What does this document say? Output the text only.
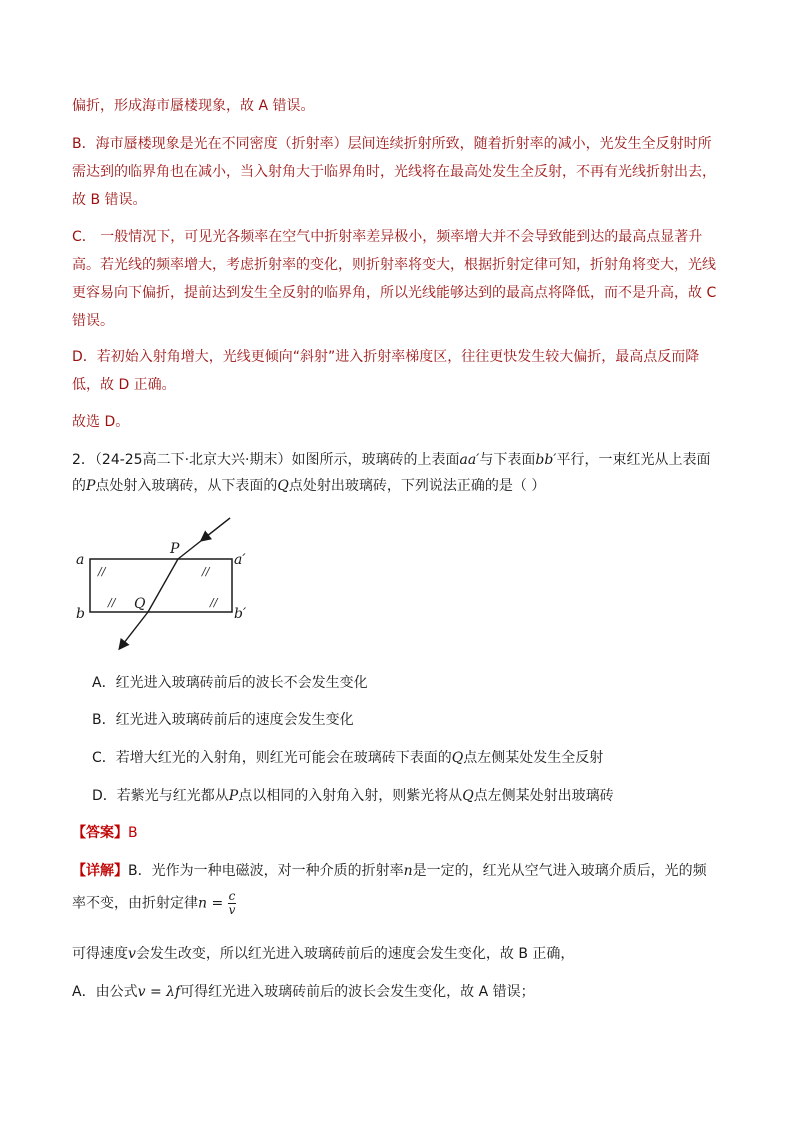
偏折，形成海市蜃楼现象，故 A 错误。
B．海市蜃楼现象是光在不同密度（折射率）层间连续折射所致，随着折射率的减小，光发生全反射时所
需达到的临界角也在减小，当入射角大于临界角时，光线将在最高处发生全反射，不再有光线折射出去，
故 B 错误。
C． 一般情况下，可见光各频率在空气中折射率差异极小，频率增大并不会导致能到达的最高点显著升
高。若光线的频率增大，考虑折射率的变化，则折射率将变大，根据折射定律可知，折射角将变大，光线
更容易向下偏折，提前达到发生全反射的临界角，所以光线能够达到的最高点将降低，而不是升高，故 C
错误。
D．若初始入射角增大，光线更倾向“斜射”进入折射率梯度区，往往更快发生较大偏折，最高点反而降
低，故 D 正确。
故选 D。
2．（24-25高二下·北京大兴·期末）如图所示，玻璃砖的上表面aa′与下表面bb′平行，一束红光从上表面
的P点处射入玻璃砖，从下表面的Q点处射出玻璃砖，下列说法正确的是（ ）
//	//
//	//
a	a′
b	b′
P
Q
A．红光进入玻璃砖前后的波长不会发生变化
B．红光进入玻璃砖前后的速度会发生变化
C．若增大红光的入射角，则红光可能会在玻璃砖下表面的Q点左侧某处发生全反射
D．若紫光与红光都从P点以相同的入射角入射，则紫光将从Q点左侧某处射出玻璃砖
【答案】B
【详解】B．光作为一种电磁波，对一种介质的折射率n是一定的，红光从空气进入玻璃介质后，光的频
率不变，由折射定律$n = \frac{c}{v}$
可得速度v会发生改变，所以红光进入玻璃砖前后的速度会发生变化，故 B 正确，
A．由公式v = λf可得红光进入玻璃砖前后的波长会发生变化，故 A 错误；
